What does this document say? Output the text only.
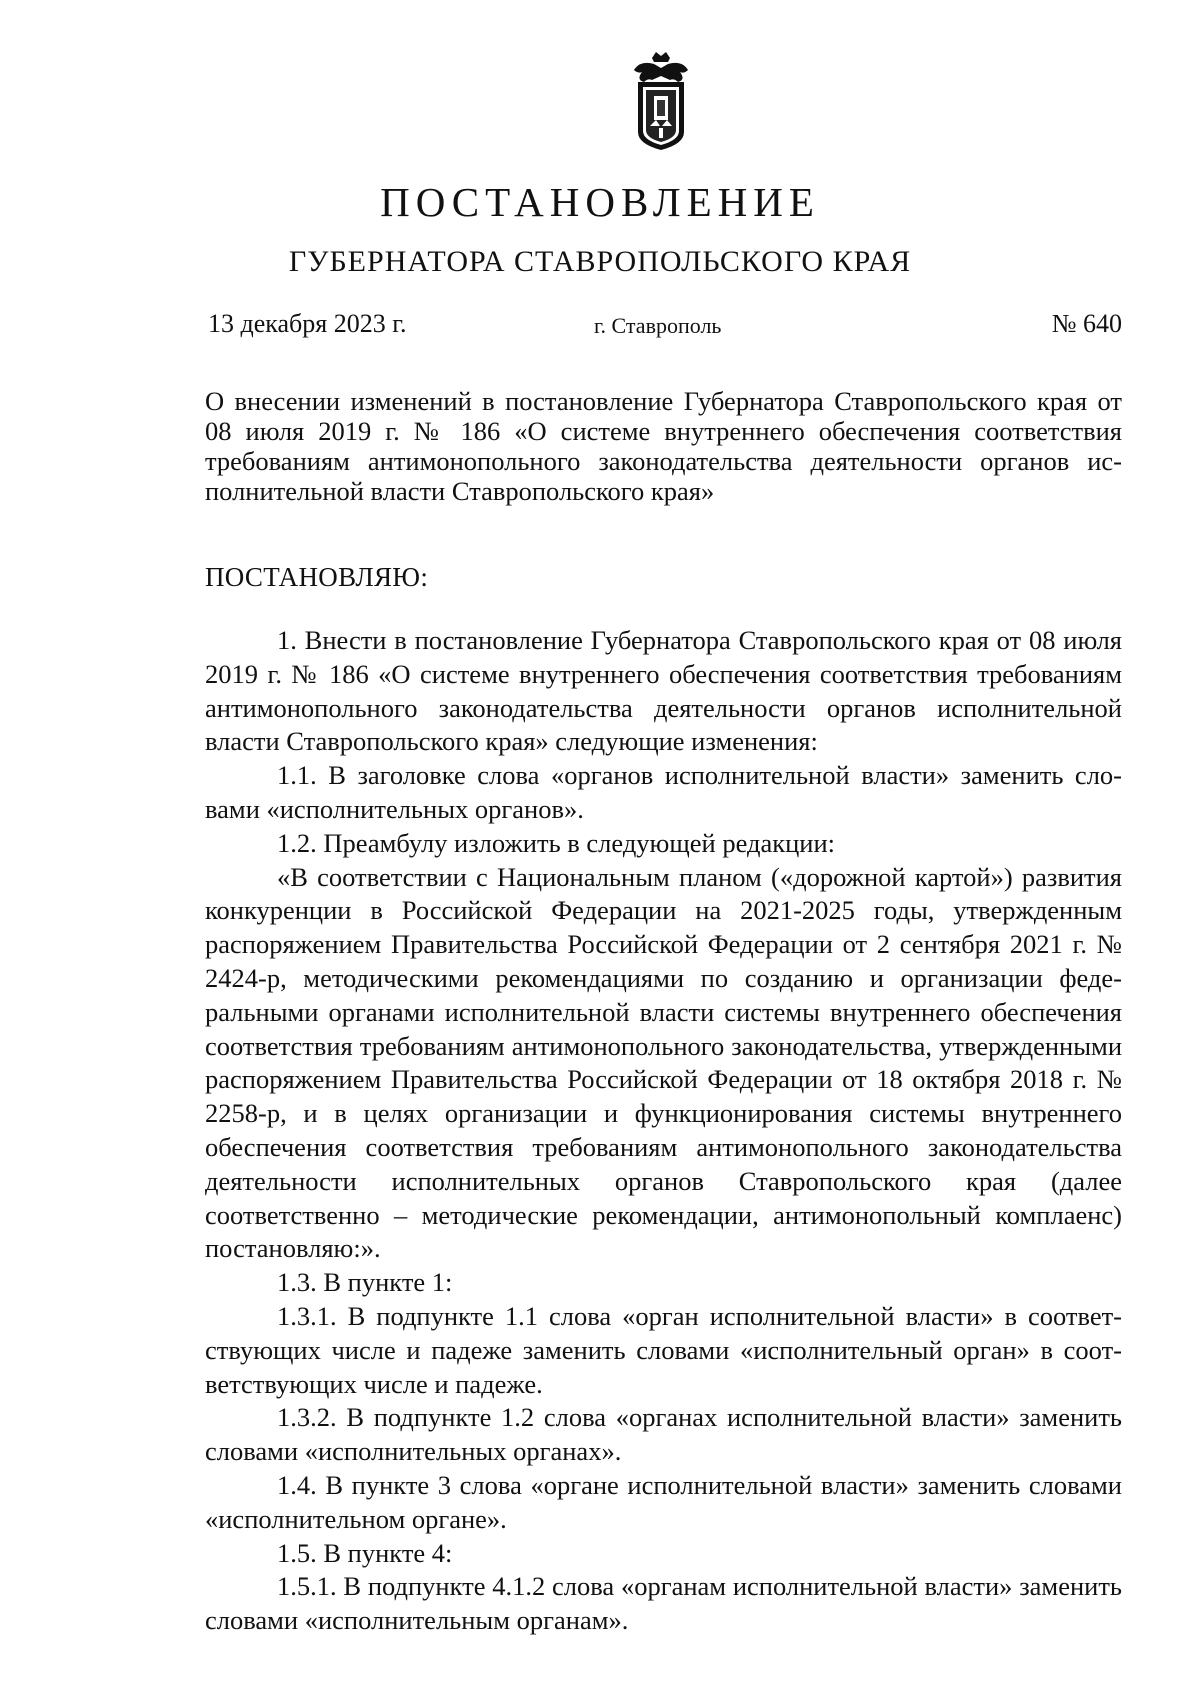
ПОСТАНОВЛЕНИЕ
ГУБЕРНАТОРА СТАВРОПОЛЬСКОГО КРАЯ
13 декабря 2023 г.	г. Ставрополь	№ 640
О внесении изменений в постановление Губернатора Ставропольского края от 08 июля 2019 г. № 186 «О системе внутреннего обеспечения соответствия требованиям антимонопольного законодательства деятельности органов исполнительной власти Ставропольского края»
ПОСТАНОВЛЯЮ:

1. Внести в постановление Губернатора Ставропольского края от 08 июля 2019 г. № 186 «О системе внутреннего обеспечения соответствия требованиям антимонопольного законодательства деятельности органов исполнительной власти Ставропольского края» следующие изменения:

1.1. В заголовке слова «органов исполнительной власти» заменить словами «исполнительных органов».

1.2. Преамбулу изложить в следующей редакции:

«В соответствии с Национальным планом («дорожной картой») развития конкуренции в Российской Федерации на 2021-2025 годы, утвержденным распоряжением Правительства Российской Федерации от 2 сентября 2021 г. № 2424-р, методическими рекомендациями по созданию и организации федеральными органами исполнительной власти системы внутреннего обеспечения соответствия требованиям антимонопольного законодательства, утвержденными распоряжением Правительства Российской Федерации от 18 октября 2018 г. № 2258-р, и в целях организации и функционирования системы внутреннего обеспечения соответствия требованиям антимонопольного законодательства деятельности исполнительных органов Ставропольского края (далее соответственно – методические рекомендации, антимонопольный комплаенс) постановляю:».

1.3. В пункте 1:

1.3.1. В подпункте 1.1 слова «орган исполнительной власти» в соответствующих числе и падеже заменить словами «исполнительный орган» в соответствующих числе и падеже.

1.3.2. В подпункте 1.2 слова «органах исполнительной власти» заменить словами «исполнительных органах».

1.4. В пункте 3 слова «органе исполнительной власти» заменить словами «исполнительном органе».

1.5. В пункте 4:

1.5.1. В подпункте 4.1.2 слова «органам исполнительной власти» заменить словами «исполнительным органам».
